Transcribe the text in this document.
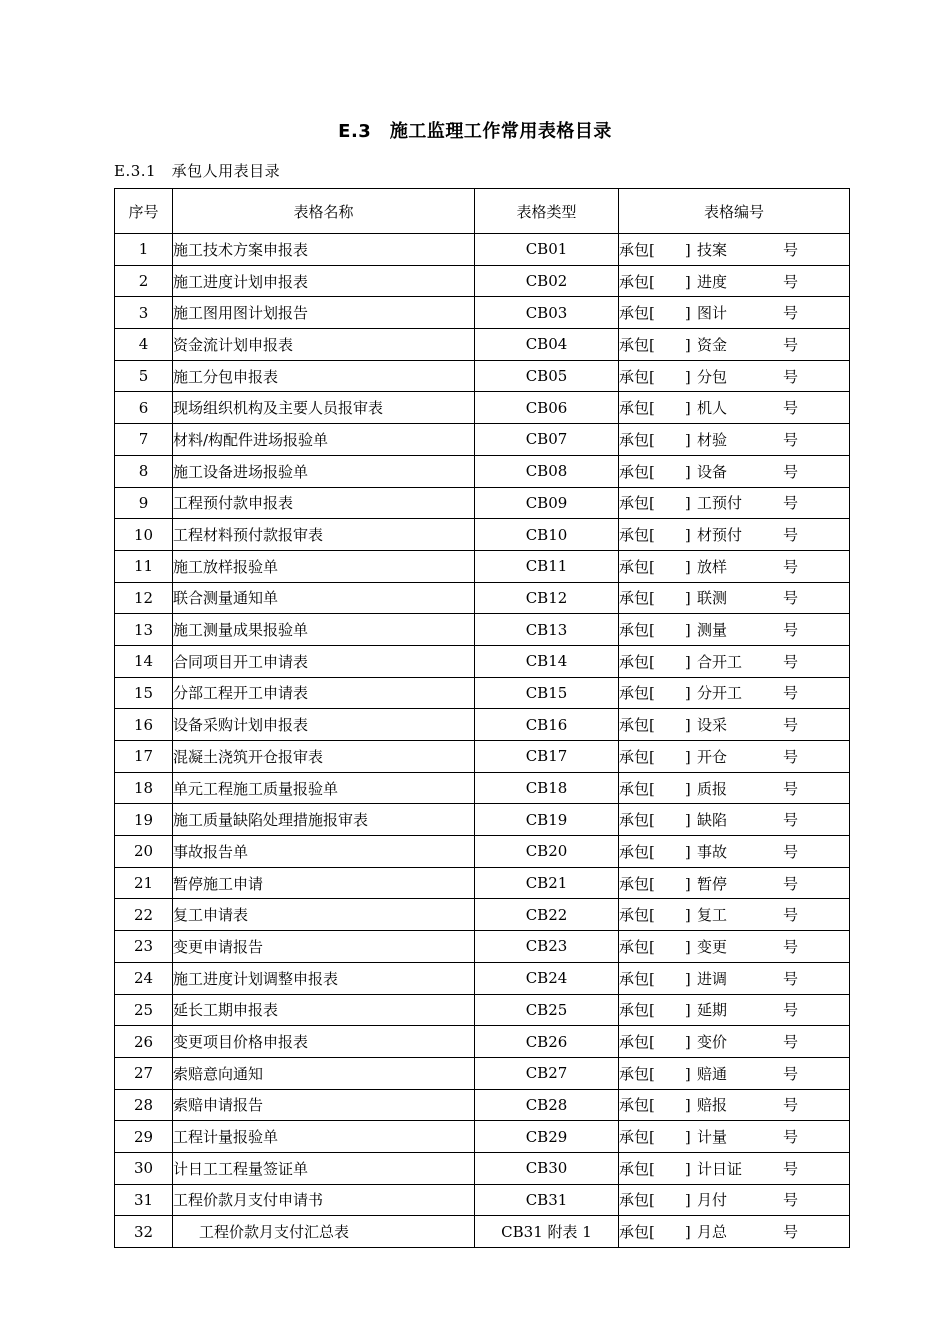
E.3　施工监理工作常用表格目录
E.3.1　承包人用表目录
序号	表格名称	表格类型	表格编号
1	施工技术方案申报表	CB01	承包[　　] 技案 号

2	施工进度计划申报表	CB02	承包[　　] 进度 号

3	施工图用图计划报告	CB03	承包[　　] 图计 号

4	资金流计划申报表	CB04	承包[　　] 资金 号

5	施工分包申报表	CB05	承包[　　] 分包 号

6	现场组织机构及主要人员报审表	CB06	承包[　　] 机人 号

7	材料/构配件进场报验单	CB07	承包[　　] 材验 号

8	施工设备进场报验单	CB08	承包[　　] 设备 号

9	工程预付款申报表	CB09	承包[　　] 工预付 号

10	工程材料预付款报审表	CB10	承包[　　] 材预付 号

11	施工放样报验单	CB11	承包[　　] 放样 号

12	联合测量通知单	CB12	承包[　　] 联测 号

13	施工测量成果报验单	CB13	承包[　　] 测量 号

14	合同项目开工申请表	CB14	承包[　　] 合开工 号

15	分部工程开工申请表	CB15	承包[　　] 分开工 号

16	设备采购计划申报表	CB16	承包[　　] 设采 号

17	混凝土浇筑开仓报审表	CB17	承包[　　] 开仓 号

18	单元工程施工质量报验单	CB18	承包[　　] 质报 号

19	施工质量缺陷处理措施报审表	CB19	承包[　　] 缺陷 号

20	事故报告单	CB20	承包[　　] 事故 号

21	暂停施工申请	CB21	承包[　　] 暂停 号

22	复工申请表	CB22	承包[　　] 复工 号

23	变更申请报告	CB23	承包[　　] 变更 号

24	施工进度计划调整申报表	CB24	承包[　　] 进调 号

25	延长工期申报表	CB25	承包[　　] 延期 号

26	变更项目价格申报表	CB26	承包[　　] 变价 号

27	索赔意向通知	CB27	承包[　　] 赔通 号

28	索赔申请报告	CB28	承包[　　] 赔报 号

29	工程计量报验单	CB29	承包[　　] 计量 号

30	计日工工程量签证单	CB30	承包[　　] 计日证 号

31	工程价款月支付申请书	CB31	承包[　　] 月付 号

32	工程价款月支付汇总表	CB31 附表 1	承包[　　] 月总 号
